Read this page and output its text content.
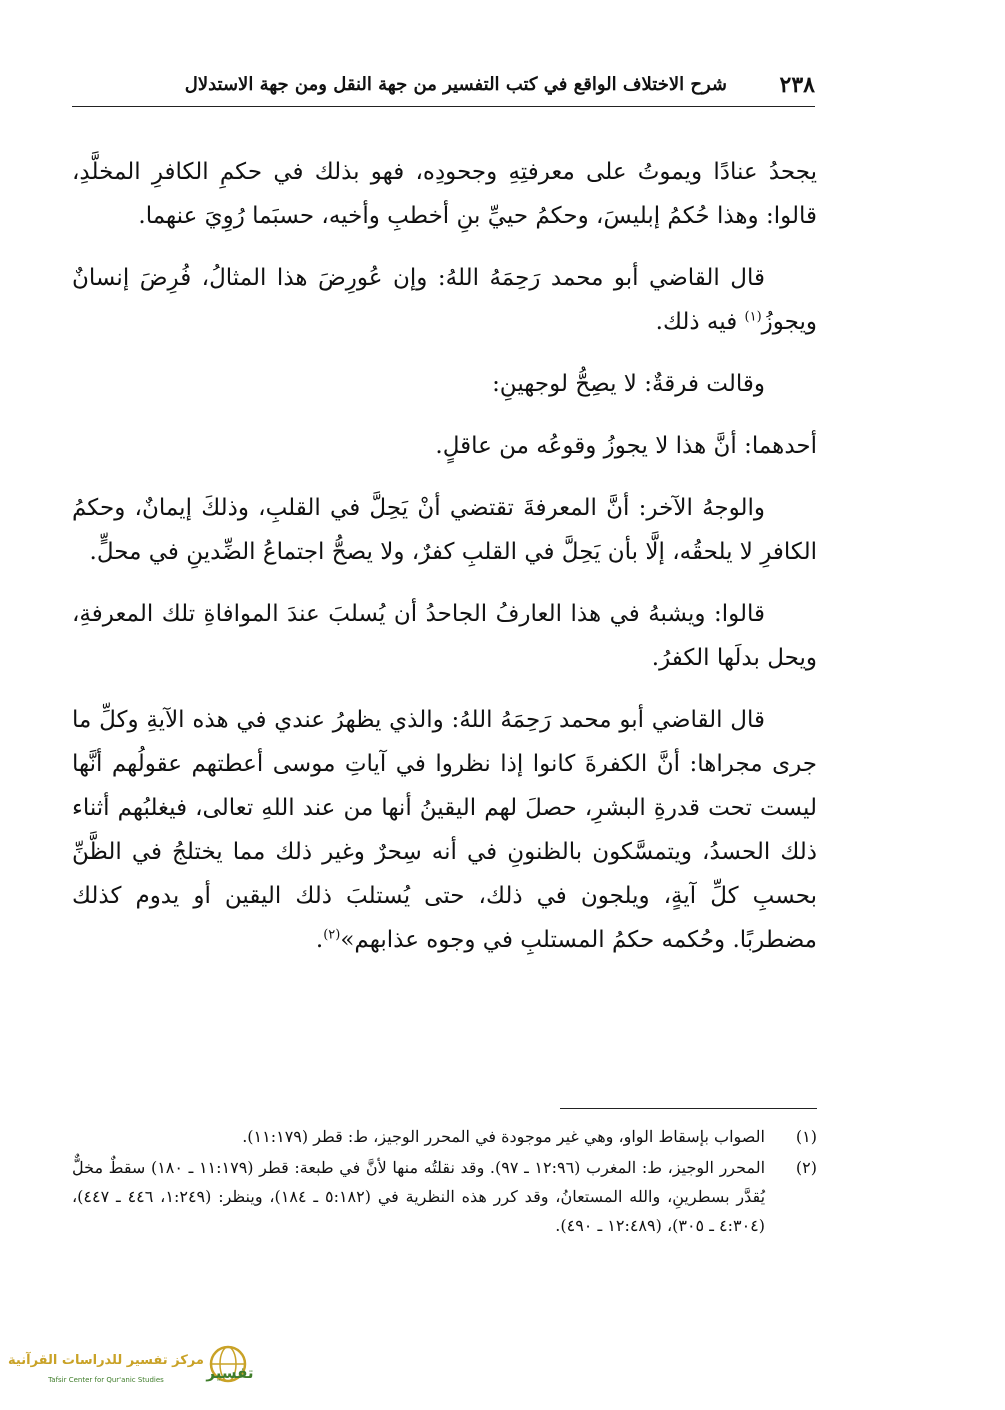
٢٣٨
شرح الاختلاف الواقع في كتب التفسير من جهة النقل ومن جهة الاستدلال

يجحدُ عنادًا ويموتُ على معرفتِهِ وجحودِه، فهو بذلك في حكمِ الكافرِ المخلَّدِ، قالوا: وهذا حُكمُ إبليسَ، وحكمُ حييِّ بنِ أخطبِ وأخيه، حسبَما رُوِيَ عنهما.

قال القاضي أبو محمد رَحِمَهُ اللهُ: وإن عُورِضَ هذا المثالُ، فُرِضَ إنسانٌ ويجوزُ$^{(١)}$ فيه ذلك.

وقالت فرقةٌ: لا يصِحُّ لوجهينِ:

أحدهما: أنَّ هذا لا يجوزُ وقوعُه من عاقلٍ.

والوجهُ الآخر: أنَّ المعرفةَ تقتضي أنْ يَحِلَّ في القلبِ، وذلكَ إيمانٌ، وحكمُ الكافرِ لا يلحقُه، إلَّا بأن يَحِلَّ في القلبِ كفرٌ، ولا يصحُّ اجتماعُ الضِّدينِ في محلٍّ.

قالوا: ويشبهُ في هذا العارفُ الجاحدُ أن يُسلبَ عندَ الموافاةِ تلك المعرفةِ، ويحل بدلَها الكفرُ.

قال القاضي أبو محمد رَحِمَهُ اللهُ: والذي يظهرُ عندي في هذه الآيةِ وكلِّ ما جرى مجراها: أنَّ الكفرةَ كانوا إذا نظروا في آياتِ موسى أعطتهم عقولُهم أنَّها ليست تحت قدرةِ البشرِ، حصلَ لهم اليقينُ أنها من عند اللهِ تعالى، فيغلبُهم أثناء ذلك الحسدُ، ويتمسَّكون بالظنونِ في أنه سِحرٌ وغير ذلك مما يختلجُ في الظَّنِّ بحسبِ كلِّ آيةٍ، ويلجون في ذلك، حتى يُستلبَ ذلك اليقين أو يدوم كذلك مضطربًا. وحُكمه حكمُ المستلبِ في وجوه عذابهم»$^{(٢)}$.

(١)
الصواب بإسقاط الواو، وهي غير موجودة في المحرر الوجيز، ط: قطر (١١:١٧٩).
(٢)
المحرر الوجيز، ط: المغرب (١٢:٩٦ ـ ٩٧). وقد نقلتُه منها لأنَّ في طبعة: قطر (١١:١٧٩ ـ ١٨٠) سقطٌ مخلٌّ يُقدَّر بسطرينِ، والله المستعانُ، وقد كرر هذه النظرية في (٥:١٨٢ ـ ١٨٤)، وينظر: (١:٢٤٩، ٤٤٦ ـ ٤٤٧)، (٤:٣٠٤ ـ ٣٠٥)، (١٢:٤٨٩ ـ ٤٩٠).
تفسير
مركز تفسير للدراسات القرآنية
Tafsir Center for Qur'anic Studies
